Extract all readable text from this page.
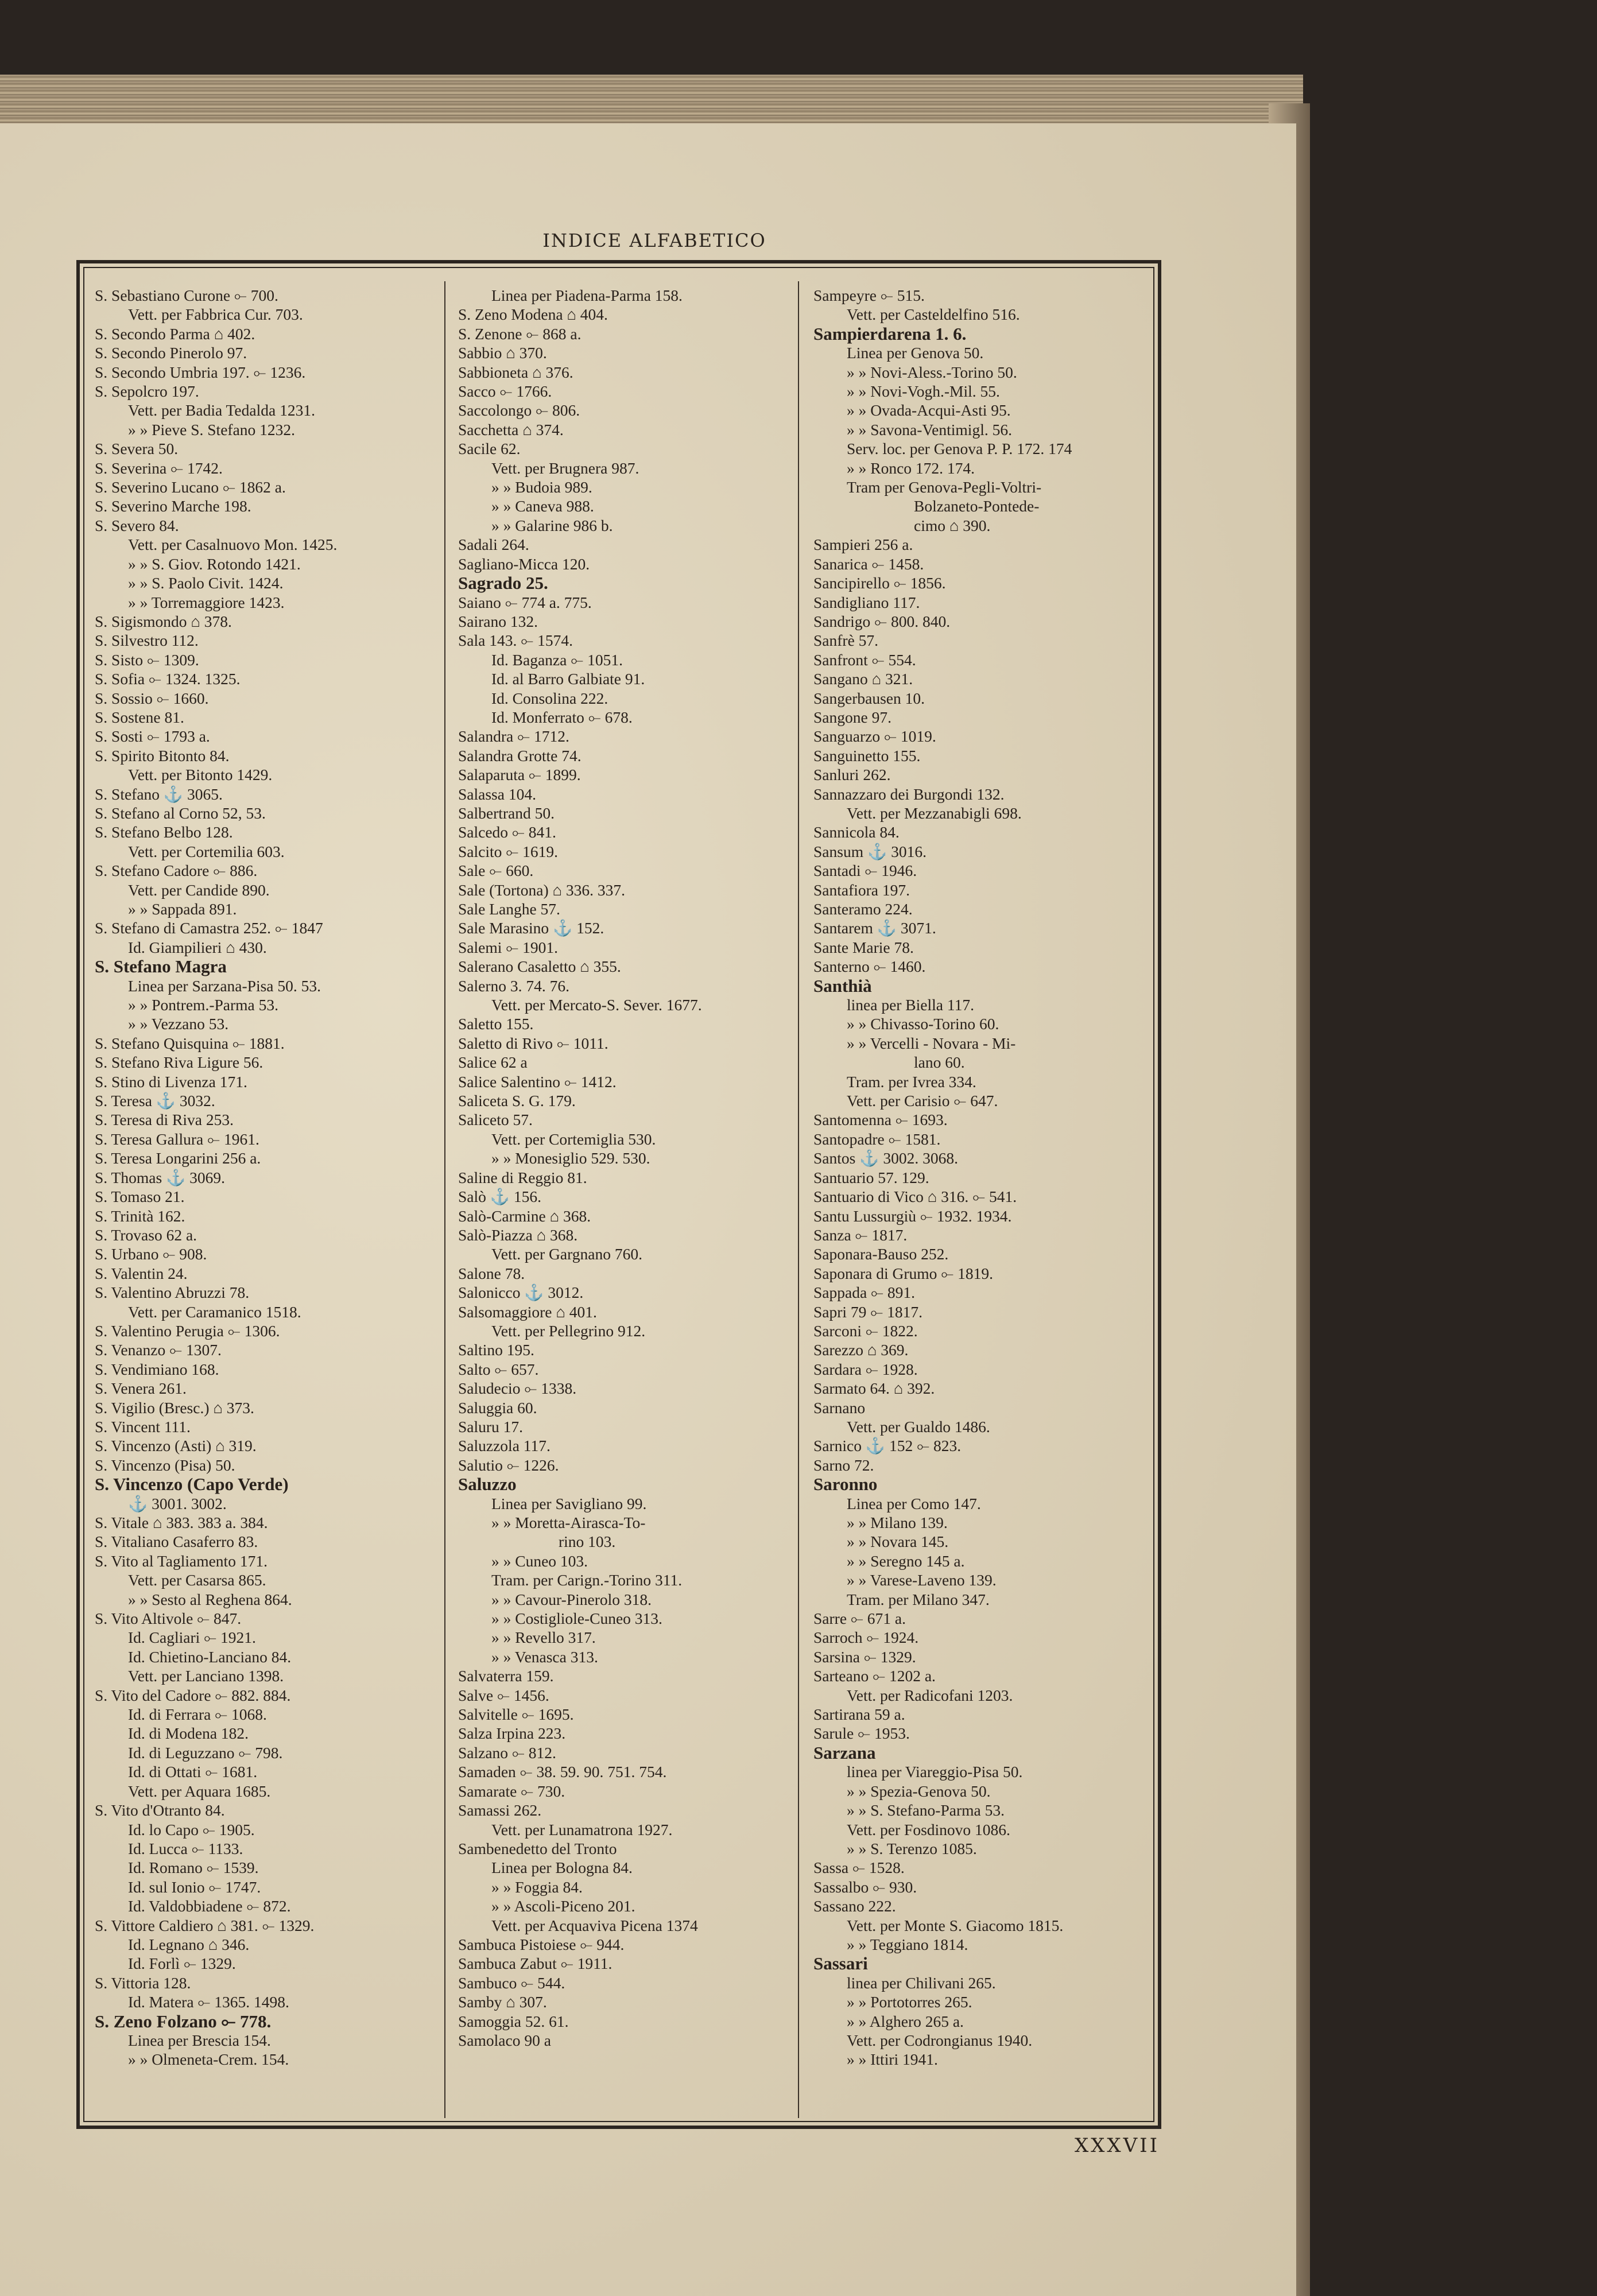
INDICE ALFABETICO
S. Sebastiano Curone ⟜ 700.
Vett. per Fabbrica Cur. 703.
S. Secondo Parma ⌂ 402.
S. Secondo Pinerolo 97.
S. Secondo Umbria 197. ⟜ 1236.
S. Sepolcro 197.
Vett. per Badia Tedalda 1231.
» » Pieve S. Stefano 1232.
S. Severa 50.
S. Severina ⟜ 1742.
S. Severino Lucano ⟜ 1862 a.
S. Severino Marche 198.
S. Severo 84.
Vett. per Casalnuovo Mon. 1425.
» » S. Giov. Rotondo 1421.
» » S. Paolo Civit. 1424.
» » Torremaggiore 1423.
S. Sigismondo ⌂ 378.
S. Silvestro 112.
S. Sisto ⟜ 1309.
S. Sofia ⟜ 1324. 1325.
S. Sossio ⟜ 1660.
S. Sostene 81.
S. Sosti ⟜ 1793 a.
S. Spirito Bitonto 84.
Vett. per Bitonto 1429.
S. Stefano ⚓ 3065.
S. Stefano al Corno 52, 53.
S. Stefano Belbo 128.
Vett. per Cortemilia 603.
S. Stefano Cadore ⟜ 886.
Vett. per Candide 890.
» » Sappada 891.
S. Stefano di Camastra 252. ⟜ 1847
Id. Giampilieri ⌂ 430.
S. Stefano Magra
Linea per Sarzana-Pisa 50. 53.
» » Pontrem.-Parma 53.
» » Vezzano 53.
S. Stefano Quisquina ⟜ 1881.
S. Stefano Riva Ligure 56.
S. Stino di Livenza 171.
S. Teresa ⚓ 3032.
S. Teresa di Riva 253.
S. Teresa Gallura ⟜ 1961.
S. Teresa Longarini 256 a.
S. Thomas ⚓ 3069.
S. Tomaso 21.
S. Trinità 162.
S. Trovaso 62 a.
S. Urbano ⟜ 908.
S. Valentin 24.
S. Valentino Abruzzi 78.
Vett. per Caramanico 1518.
S. Valentino Perugia ⟜ 1306.
S. Venanzo ⟜ 1307.
S. Vendimiano 168.
S. Venera 261.
S. Vigilio (Bresc.) ⌂ 373.
S. Vincent 111.
S. Vincenzo (Asti) ⌂ 319.
S. Vincenzo (Pisa) 50.
S. Vincenzo (Capo Verde)
⚓ 3001. 3002.
S. Vitale ⌂ 383. 383 a. 384.
S. Vitaliano Casaferro 83.
S. Vito al Tagliamento 171.
Vett. per Casarsa 865.
» » Sesto al Reghena 864.
S. Vito Altivole ⟜ 847.
Id. Cagliari ⟜ 1921.
Id. Chietino-Lanciano 84.
Vett. per Lanciano 1398.
S. Vito del Cadore ⟜ 882. 884.
Id. di Ferrara ⟜ 1068.
Id. di Modena 182.
Id. di Leguzzano ⟜ 798.
Id. di Ottati ⟜ 1681.
Vett. per Aquara 1685.
S. Vito d'Otranto 84.
Id. lo Capo ⟜ 1905.
Id. Lucca ⟜ 1133.
Id. Romano ⟜ 1539.
Id. sul Ionio ⟜ 1747.
Id. Valdobbiadene ⟜ 872.
S. Vittore Caldiero ⌂ 381. ⟜ 1329.
Id. Legnano ⌂ 346.
Id. Forlì ⟜ 1329.
S. Vittoria 128.
Id. Matera ⟜ 1365. 1498.
S. Zeno Folzano ⟜ 778.
Linea per Brescia 154.
» » Olmeneta-Crem. 154.
Linea per Piadena-Parma 158.
S. Zeno Modena ⌂ 404.
S. Zenone ⟜ 868 a.
Sabbio ⌂ 370.
Sabbioneta ⌂ 376.
Sacco ⟜ 1766.
Saccolongo ⟜ 806.
Sacchetta ⌂ 374.
Sacile 62.
Vett. per Brugnera 987.
» » Budoia 989.
» » Caneva 988.
» » Galarine 986 b.
Sadali 264.
Sagliano-Micca 120.
Sagrado 25.
Saiano ⟜ 774 a. 775.
Sairano 132.
Sala 143. ⟜ 1574.
Id. Baganza ⟜ 1051.
Id. al Barro Galbiate 91.
Id. Consolina 222.
Id. Monferrato ⟜ 678.
Salandra ⟜ 1712.
Salandra Grotte 74.
Salaparuta ⟜ 1899.
Salassa 104.
Salbertrand 50.
Salcedo ⟜ 841.
Salcito ⟜ 1619.
Sale ⟜ 660.
Sale (Tortona) ⌂ 336. 337.
Sale Langhe 57.
Sale Marasino ⚓ 152.
Salemi ⟜ 1901.
Salerano Casaletto ⌂ 355.
Salerno 3. 74. 76.
Vett. per Mercato-S. Sever. 1677.
Saletto 155.
Saletto di Rivo ⟜ 1011.
Salice 62 a
Salice Salentino ⟜ 1412.
Saliceta S. G. 179.
Saliceto 57.
Vett. per Cortemiglia 530.
» » Monesiglio 529. 530.
Saline di Reggio 81.
Salò ⚓ 156.
Salò-Carmine ⌂ 368.
Salò-Piazza ⌂ 368.
Vett. per Gargnano 760.
Salone 78.
Salonicco ⚓ 3012.
Salsomaggiore ⌂ 401.
Vett. per Pellegrino 912.
Saltino 195.
Salto ⟜ 657.
Saludecio ⟜ 1338.
Saluggia 60.
Saluru 17.
Saluzzola 117.
Salutio ⟜ 1226.
Saluzzo
Linea per Savigliano 99.
» » Moretta-Airasca-To-
rino 103.
» » Cuneo 103.
Tram. per Carign.-Torino 311.
» » Cavour-Pinerolo 318.
» » Costigliole-Cuneo 313.
» » Revello 317.
» » Venasca 313.
Salvaterra 159.
Salve ⟜ 1456.
Salvitelle ⟜ 1695.
Salza Irpina 223.
Salzano ⟜ 812.
Samaden ⟜ 38. 59. 90. 751. 754.
Samarate ⟜ 730.
Samassi 262.
Vett. per Lunamatrona 1927.
Sambenedetto del Tronto
Linea per Bologna 84.
» » Foggia 84.
» » Ascoli-Piceno 201.
Vett. per Acquaviva Picena 1374
Sambuca Pistoiese ⟜ 944.
Sambuca Zabut ⟜ 1911.
Sambuco ⟜ 544.
Samby ⌂ 307.
Samoggia 52. 61.
Samolaco 90 a
Sampeyre ⟜ 515.
Vett. per Casteldelfino 516.
Sampierdarena 1. 6.
Linea per Genova 50.
» » Novi-Aless.-Torino 50.
» » Novi-Vogh.-Mil. 55.
» » Ovada-Acqui-Asti 95.
» » Savona-Ventimigl. 56.
Serv. loc. per Genova P. P. 172. 174
» » Ronco 172. 174.
Tram per Genova-Pegli-Voltri-
Bolzaneto-Pontede-
cimo ⌂ 390.
Sampieri 256 a.
Sanarica ⟜ 1458.
Sancipirello ⟜ 1856.
Sandigliano 117.
Sandrigo ⟜ 800. 840.
Sanfrè 57.
Sanfront ⟜ 554.
Sangano ⌂ 321.
Sangerbausen 10.
Sangone 97.
Sanguarzo ⟜ 1019.
Sanguinetto 155.
Sanluri 262.
Sannazzaro dei Burgondi 132.
Vett. per Mezzanabigli 698.
Sannicola 84.
Sansum ⚓ 3016.
Santadi ⟜ 1946.
Santafiora 197.
Santeramo 224.
Santarem ⚓ 3071.
Sante Marie 78.
Santerno ⟜ 1460.
Santhià
linea per Biella 117.
» » Chivasso-Torino 60.
» » Vercelli - Novara - Mi-
lano 60.
Tram. per Ivrea 334.
Vett. per Carisio ⟜ 647.
Santomenna ⟜ 1693.
Santopadre ⟜ 1581.
Santos ⚓ 3002. 3068.
Santuario 57. 129.
Santuario di Vico ⌂ 316. ⟜ 541.
Santu Lussurgiù ⟜ 1932. 1934.
Sanza ⟜ 1817.
Saponara-Bauso 252.
Saponara di Grumo ⟜ 1819.
Sappada ⟜ 891.
Sapri 79 ⟜ 1817.
Sarconi ⟜ 1822.
Sarezzo ⌂ 369.
Sardara ⟜ 1928.
Sarmato 64. ⌂ 392.
Sarnano
Vett. per Gualdo 1486.
Sarnico ⚓ 152 ⟜ 823.
Sarno 72.
Saronno
Linea per Como 147.
» » Milano 139.
» » Novara 145.
» » Seregno 145 a.
» » Varese-Laveno 139.
Tram. per Milano 347.
Sarre ⟜ 671 a.
Sarroch ⟜ 1924.
Sarsina ⟜ 1329.
Sarteano ⟜ 1202 a.
Vett. per Radicofani 1203.
Sartirana 59 a.
Sarule ⟜ 1953.
Sarzana
linea per Viareggio-Pisa 50.
» » Spezia-Genova 50.
» » S. Stefano-Parma 53.
Vett. per Fosdinovo 1086.
» » S. Terenzo 1085.
Sassa ⟜ 1528.
Sassalbo ⟜ 930.
Sassano 222.
Vett. per Monte S. Giacomo 1815.
» » Teggiano 1814.
Sassari
linea per Chilivani 265.
» » Portotorres 265.
» » Alghero 265 a.
Vett. per Codrongianus 1940.
» » Ittiri 1941.
XXXVII
